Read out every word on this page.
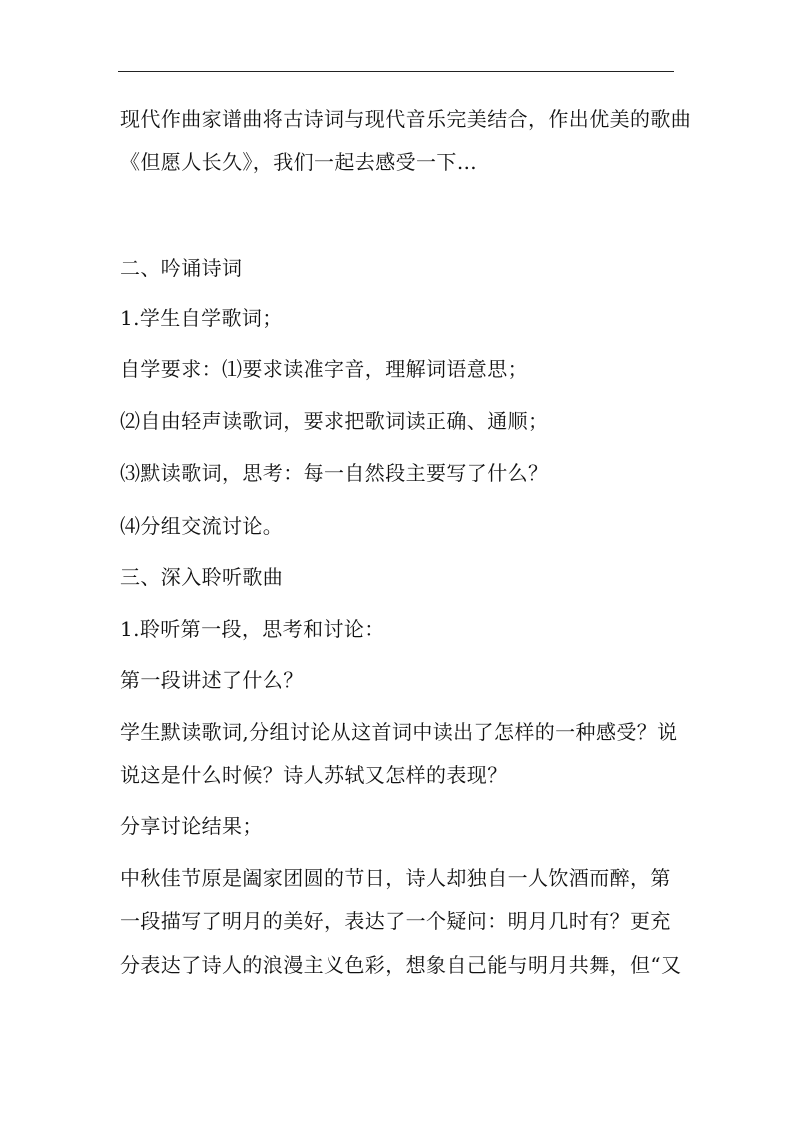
现代作曲家谱曲将古诗词与现代音乐完美结合，作出优美的歌曲
《但愿人长久》，我们一起去感受一下…
二、吟诵诗词
1.学生自学歌词；
自学要求：⑴要求读准字音，理解词语意思；
⑵自由轻声读歌词，要求把歌词读正确、通顺；
⑶默读歌词，思考：每一自然段主要写了什么？
⑷分组交流讨论。
三、深入聆听歌曲
1.聆听第一段，思考和讨论：
第一段讲述了什么？
学生默读歌词,分组讨论从这首词中读出了怎样的一种感受？说
说这是什么时候？诗人苏轼又怎样的表现？
分享讨论结果；
中秋佳节原是阖家团圆的节日，诗人却独自一人饮酒而醉，第
一段描写了明月的美好，表达了一个疑问：明月几时有？更充
分表达了诗人的浪漫主义色彩，想象自己能与明月共舞，但“又
